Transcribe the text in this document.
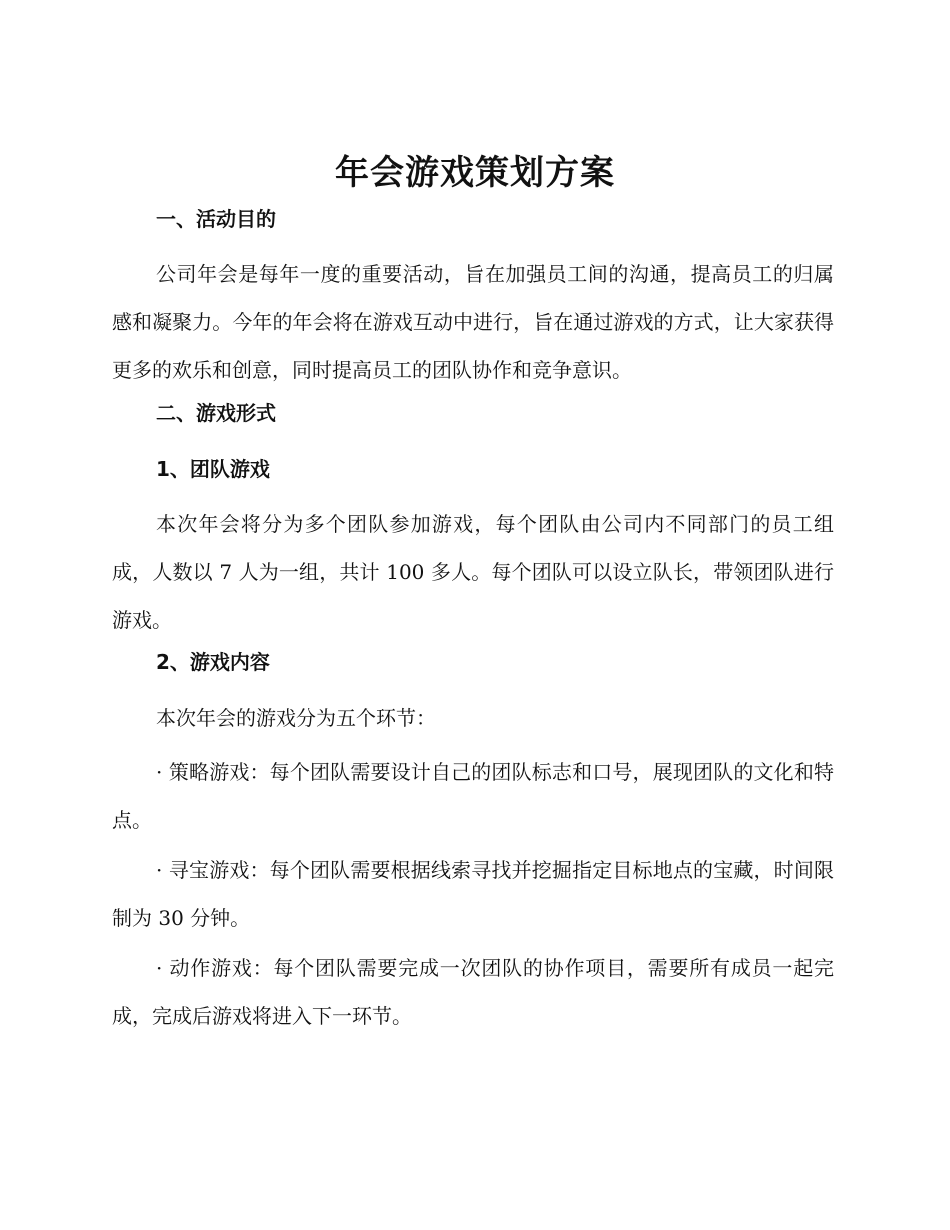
年会游戏策划方案
一、活动目的
公司年会是每年一度的重要活动，旨在加强员工间的沟通，提高员工的归属感和凝聚力。今年的年会将在游戏互动中进行，旨在通过游戏的方式，让大家获得更多的欢乐和创意，同时提高员工的团队协作和竞争意识。
二、游戏形式
1、团队游戏
本次年会将分为多个团队参加游戏，每个团队由公司内不同部门的员工组成，人数以 7 人为一组，共计 100 多人。每个团队可以设立队长，带领团队进行游戏。
2、游戏内容
本次年会的游戏分为五个环节：
· 策略游戏：每个团队需要设计自己的团队标志和口号，展现团队的文化和特点。
· 寻宝游戏：每个团队需要根据线索寻找并挖掘指定目标地点的宝藏，时间限制为 30 分钟。
· 动作游戏：每个团队需要完成一次团队的协作项目，需要所有成员一起完成，完成后游戏将进入下一环节。
